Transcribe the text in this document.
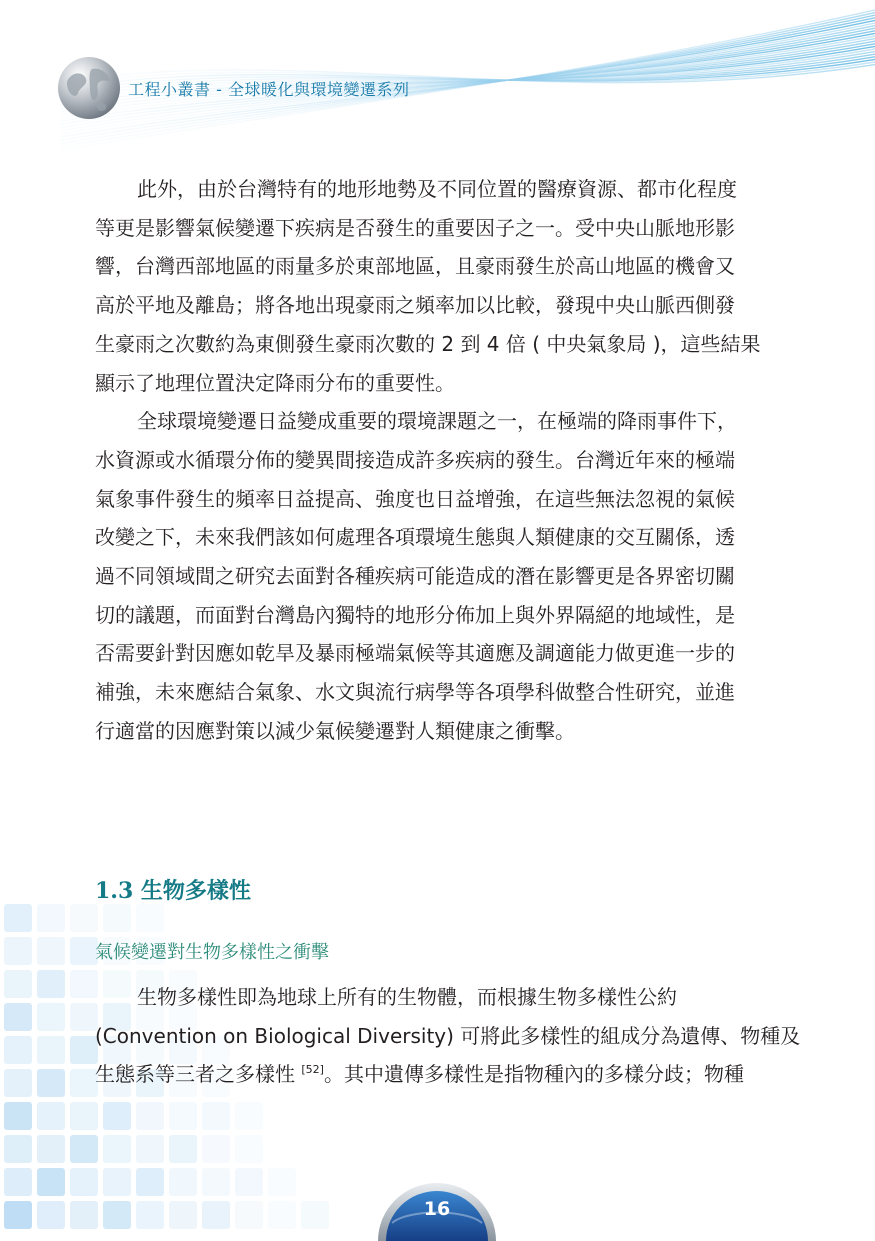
工程小叢書 - 全球暖化與環境變遷系列

此外，由於台灣特有的地形地勢及不同位置的醫療資源、都市化程度
等更是影響氣候變遷下疾病是否發生的重要因子之一。受中央山脈地形影
響，台灣西部地區的雨量多於東部地區，且豪雨發生於高山地區的機會又
高於平地及離島；將各地出現豪雨之頻率加以比較，發現中央山脈西側發
生豪雨之次數約為東側發生豪雨次數的 2 到 4 倍 ( 中央氣象局 )，這些結果
顯示了地理位置決定降雨分布的重要性。

全球環境變遷日益變成重要的環境課題之一，在極端的降雨事件下，
水資源或水循環分佈的變異間接造成許多疾病的發生。台灣近年來的極端
氣象事件發生的頻率日益提高、強度也日益增強，在這些無法忽視的氣候
改變之下，未來我們該如何處理各項環境生態與人類健康的交互關係，透
過不同領域間之研究去面對各種疾病可能造成的潛在影響更是各界密切關
切的議題，而面對台灣島內獨特的地形分佈加上與外界隔絕的地域性，是
否需要針對因應如乾旱及暴雨極端氣候等其適應及調適能力做更進一步的
補強，未來應結合氣象、水文與流行病學等各項學科做整合性研究，並進
行適當的因應對策以減少氣候變遷對人類健康之衝擊。

1.3 生物多樣性
氣候變遷對生物多樣性之衝擊

生物多樣性即為地球上所有的生物體，而根據生物多樣性公約
(Convention on Biological Diversity) 可將此多樣性的組成分為遺傳、物種及
生態系等三者之多樣性 [52]。其中遺傳多樣性是指物種內的多樣分歧；物種

16
